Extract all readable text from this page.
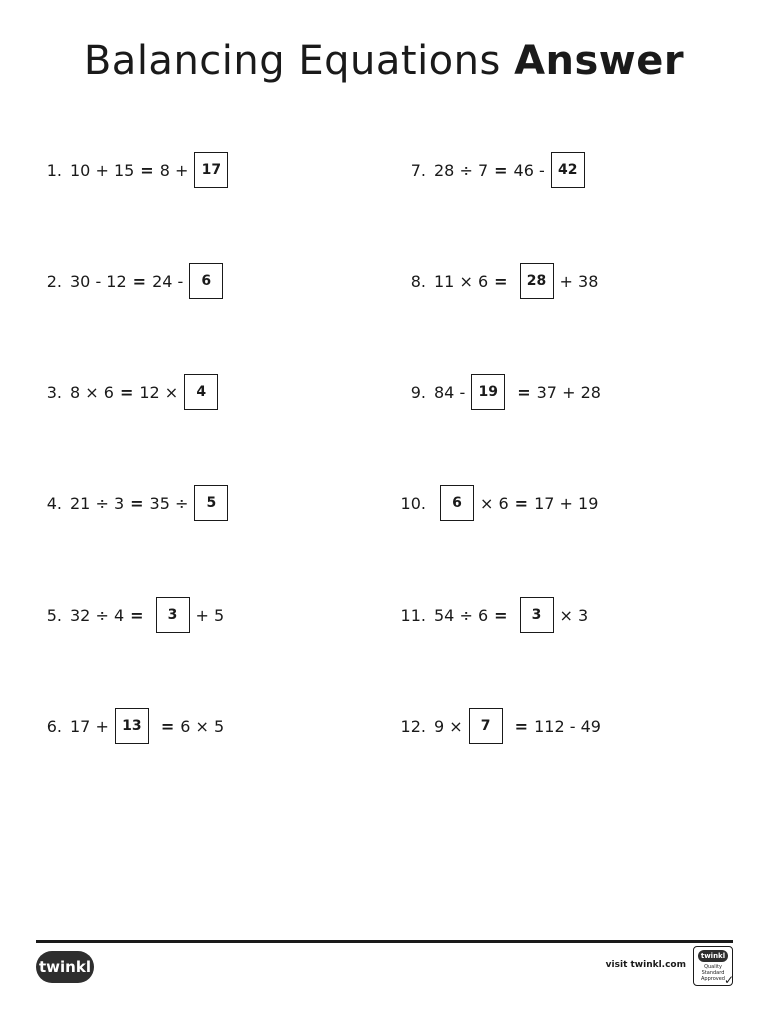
Balancing Equations Answer
1. 10 + 15 = 8 + 17
2. 30 - 12 = 24 -	6
3. 8 × 6 = 12 ×	4
4. 21 ÷ 3 = 35 ÷	5
5. 32 ÷ 4 =	3	+ 5
6. 17 + 13	= 6 × 5
7. 28 ÷ 7 = 46 - 42
8. 11 × 6 =	28 + 38
9. 84 - 19	= 37 + 28
10.	6	× 6 = 17 + 19
11. 54 ÷ 6 =	3	× 3
12. 9 ×	7	= 112 - 49
twinkl	visit twinkl.com
twinkl
Quality Standard Approved
✓
